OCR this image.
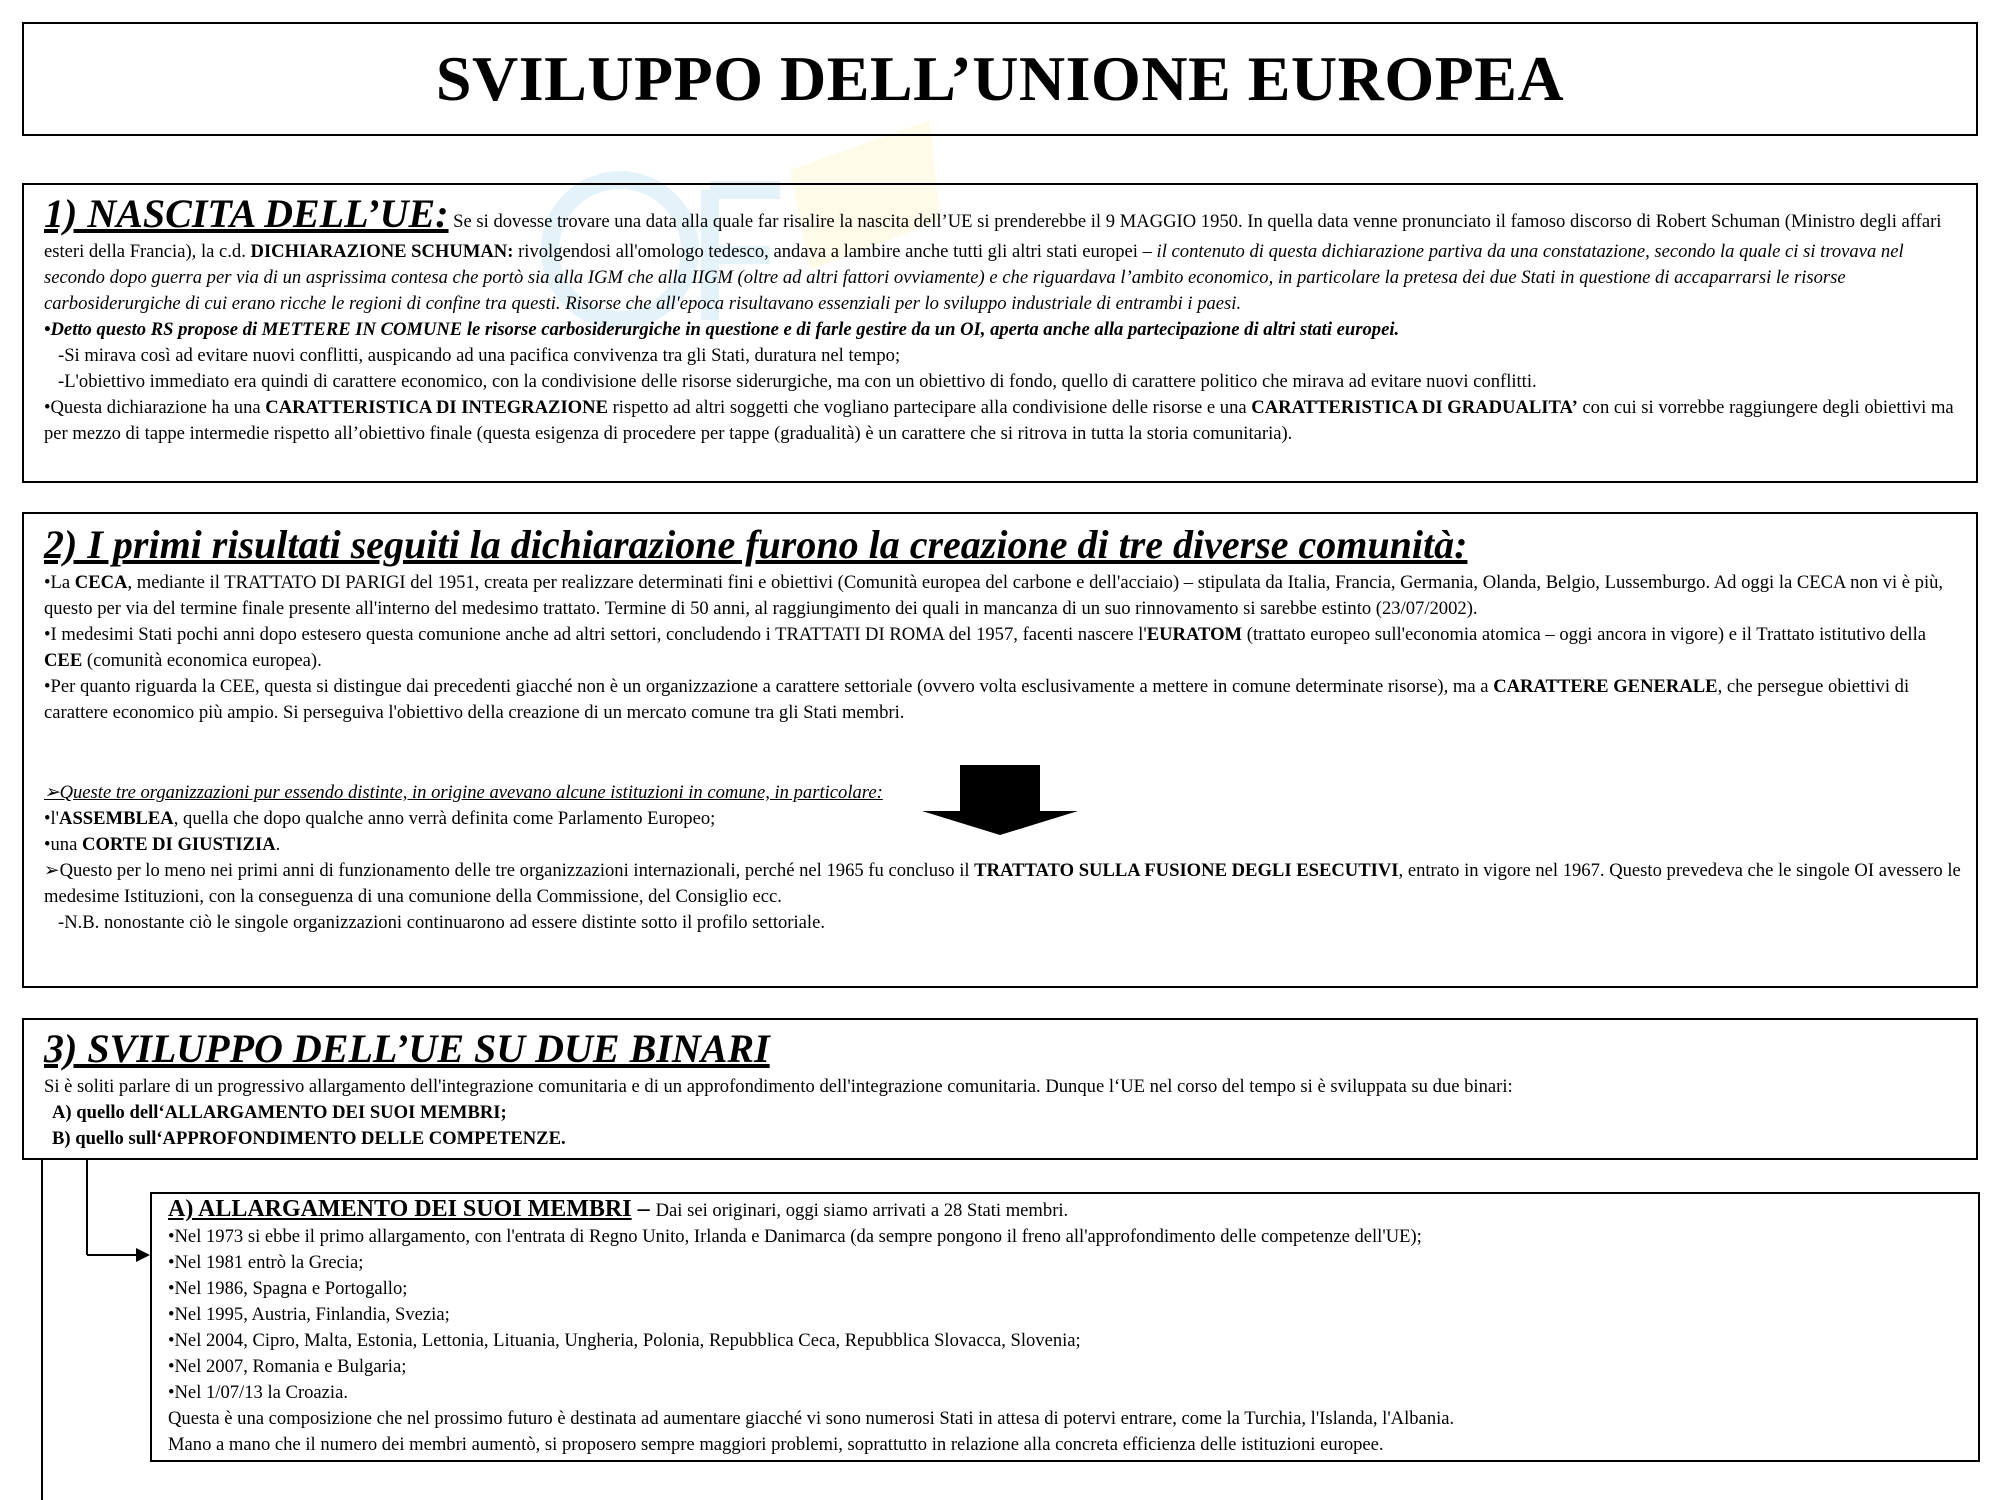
SVILUPPO DELL’UNIONE EUROPEA

1) NASCITA DELL’UE: Se si dovesse trovare una data alla quale far risalire la nascita dell’UE si prenderebbe il 9 MAGGIO 1950. In quella data venne pronunciato il famoso discorso di Robert Schuman (Ministro degli affari esteri della Francia), la c.d. DICHIARAZIONE SCHUMAN: rivolgendosi all'omologo tedesco, andava a lambire anche tutti gli altri stati europei – il contenuto di questa dichiarazione partiva da una constatazione, secondo la quale ci si trovava nel secondo dopo guerra per via di un asprissima contesa che portò sia alla IGM che alla IIGM (oltre ad altri fattori ovviamente) e che riguardava l’ambito economico, in particolare la pretesa dei due Stati in questione di accaparrarsi le risorse carbosiderurgiche di cui erano ricche le regioni di confine tra questi. Risorse che all'epoca risultavano essenziali per lo sviluppo industriale di entrambi i paesi.

•Detto questo RS propose di METTERE IN COMUNE le risorse carbosiderurgiche in questione e di farle gestire da un OI, aperta anche alla partecipazione di altri stati europei.

-Si mirava così ad evitare nuovi conflitti, auspicando ad una pacifica convivenza tra gli Stati, duratura nel tempo;

-L'obiettivo immediato era quindi di carattere economico, con la condivisione delle risorse siderurgiche, ma con un obiettivo di fondo, quello di carattere politico che mirava ad evitare nuovi conflitti.

•Questa dichiarazione ha una CARATTERISTICA DI INTEGRAZIONE rispetto ad altri soggetti che vogliano partecipare alla condivisione delle risorse e una CARATTERISTICA DI GRADUALITA’ con cui si vorrebbe raggiungere degli obiettivi ma per mezzo di tappe intermedie rispetto all’obiettivo finale (questa esigenza di procedere per tappe (gradualità) è un carattere che si ritrova in tutta la storia comunitaria).

2) I primi risultati seguiti la dichiarazione furono la creazione di tre diverse comunità:

•La CECA, mediante il TRATTATO DI PARIGI del 1951, creata per realizzare determinati fini e obiettivi (Comunità europea del carbone e dell'acciaio) – stipulata da Italia, Francia, Germania, Olanda, Belgio, Lussemburgo. Ad oggi la CECA non vi è più, questo per via del termine finale presente all'interno del medesimo trattato. Termine di 50 anni, al raggiungimento dei quali in mancanza di un suo rinnovamento si sarebbe estinto (23/07/2002).

•I medesimi Stati pochi anni dopo estesero questa comunione anche ad altri settori, concludendo i TRATTATI DI ROMA del 1957, facenti nascere l'EURATOM (trattato europeo sull'economia atomica – oggi ancora in vigore) e il Trattato istitutivo della CEE (comunità economica europea).

•Per quanto riguarda la CEE, questa si distingue dai precedenti giacché non è un organizzazione a carattere settoriale (ovvero volta esclusivamente a mettere in comune determinate risorse), ma a CARATTERE GENERALE, che persegue obiettivi di carattere economico più ampio. Si perseguiva l'obiettivo della creazione di un mercato comune tra gli Stati membri.

➢Queste tre organizzazioni pur essendo distinte, in origine avevano alcune istituzioni in comune, in particolare:

•l'ASSEMBLEA, quella che dopo qualche anno verrà definita come Parlamento Europeo;

•una CORTE DI GIUSTIZIA.

➢Questo per lo meno nei primi anni di funzionamento delle tre organizzazioni internazionali, perché nel 1965 fu concluso il TRATTATO SULLA FUSIONE DEGLI ESECUTIVI, entrato in vigore nel 1967. Questo prevedeva che le singole OI avessero le medesime Istituzioni, con la conseguenza di una comunione della Commissione, del Consiglio ecc.

-N.B. nonostante ciò le singole organizzazioni continuarono ad essere distinte sotto il profilo settoriale.

3) SVILUPPO DELL’UE SU DUE BINARI

Si è soliti parlare di un progressivo allargamento dell'integrazione comunitaria e di un approfondimento dell'integrazione comunitaria. Dunque l‘UE nel corso del tempo si è sviluppata su due binari:

A) quello dell‘ALLARGAMENTO DEI SUOI MEMBRI;

B) quello sull‘APPROFONDIMENTO DELLE COMPETENZE.

A) ALLARGAMENTO DEI SUOI MEMBRI – Dai sei originari, oggi siamo arrivati a 28 Stati membri.

•Nel 1973 si ebbe il primo allargamento, con l'entrata di Regno Unito, Irlanda e Danimarca (da sempre pongono il freno all'approfondimento delle competenze dell'UE);

•Nel 1981 entrò la Grecia;

•Nel 1986, Spagna e Portogallo;

•Nel 1995, Austria, Finlandia, Svezia;

•Nel 2004, Cipro, Malta, Estonia, Lettonia, Lituania, Ungheria, Polonia, Repubblica Ceca, Repubblica Slovacca, Slovenia;

•Nel 2007, Romania e Bulgaria;

•Nel 1/07/13 la Croazia.

Questa è una composizione che nel prossimo futuro è destinata ad aumentare giacché vi sono numerosi Stati in attesa di potervi entrare, come la Turchia, l'Islanda, l'Albania.

Mano a mano che il numero dei membri aumentò, si proposero sempre maggiori problemi, soprattutto in relazione alla concreta efficienza delle istituzioni europee.
